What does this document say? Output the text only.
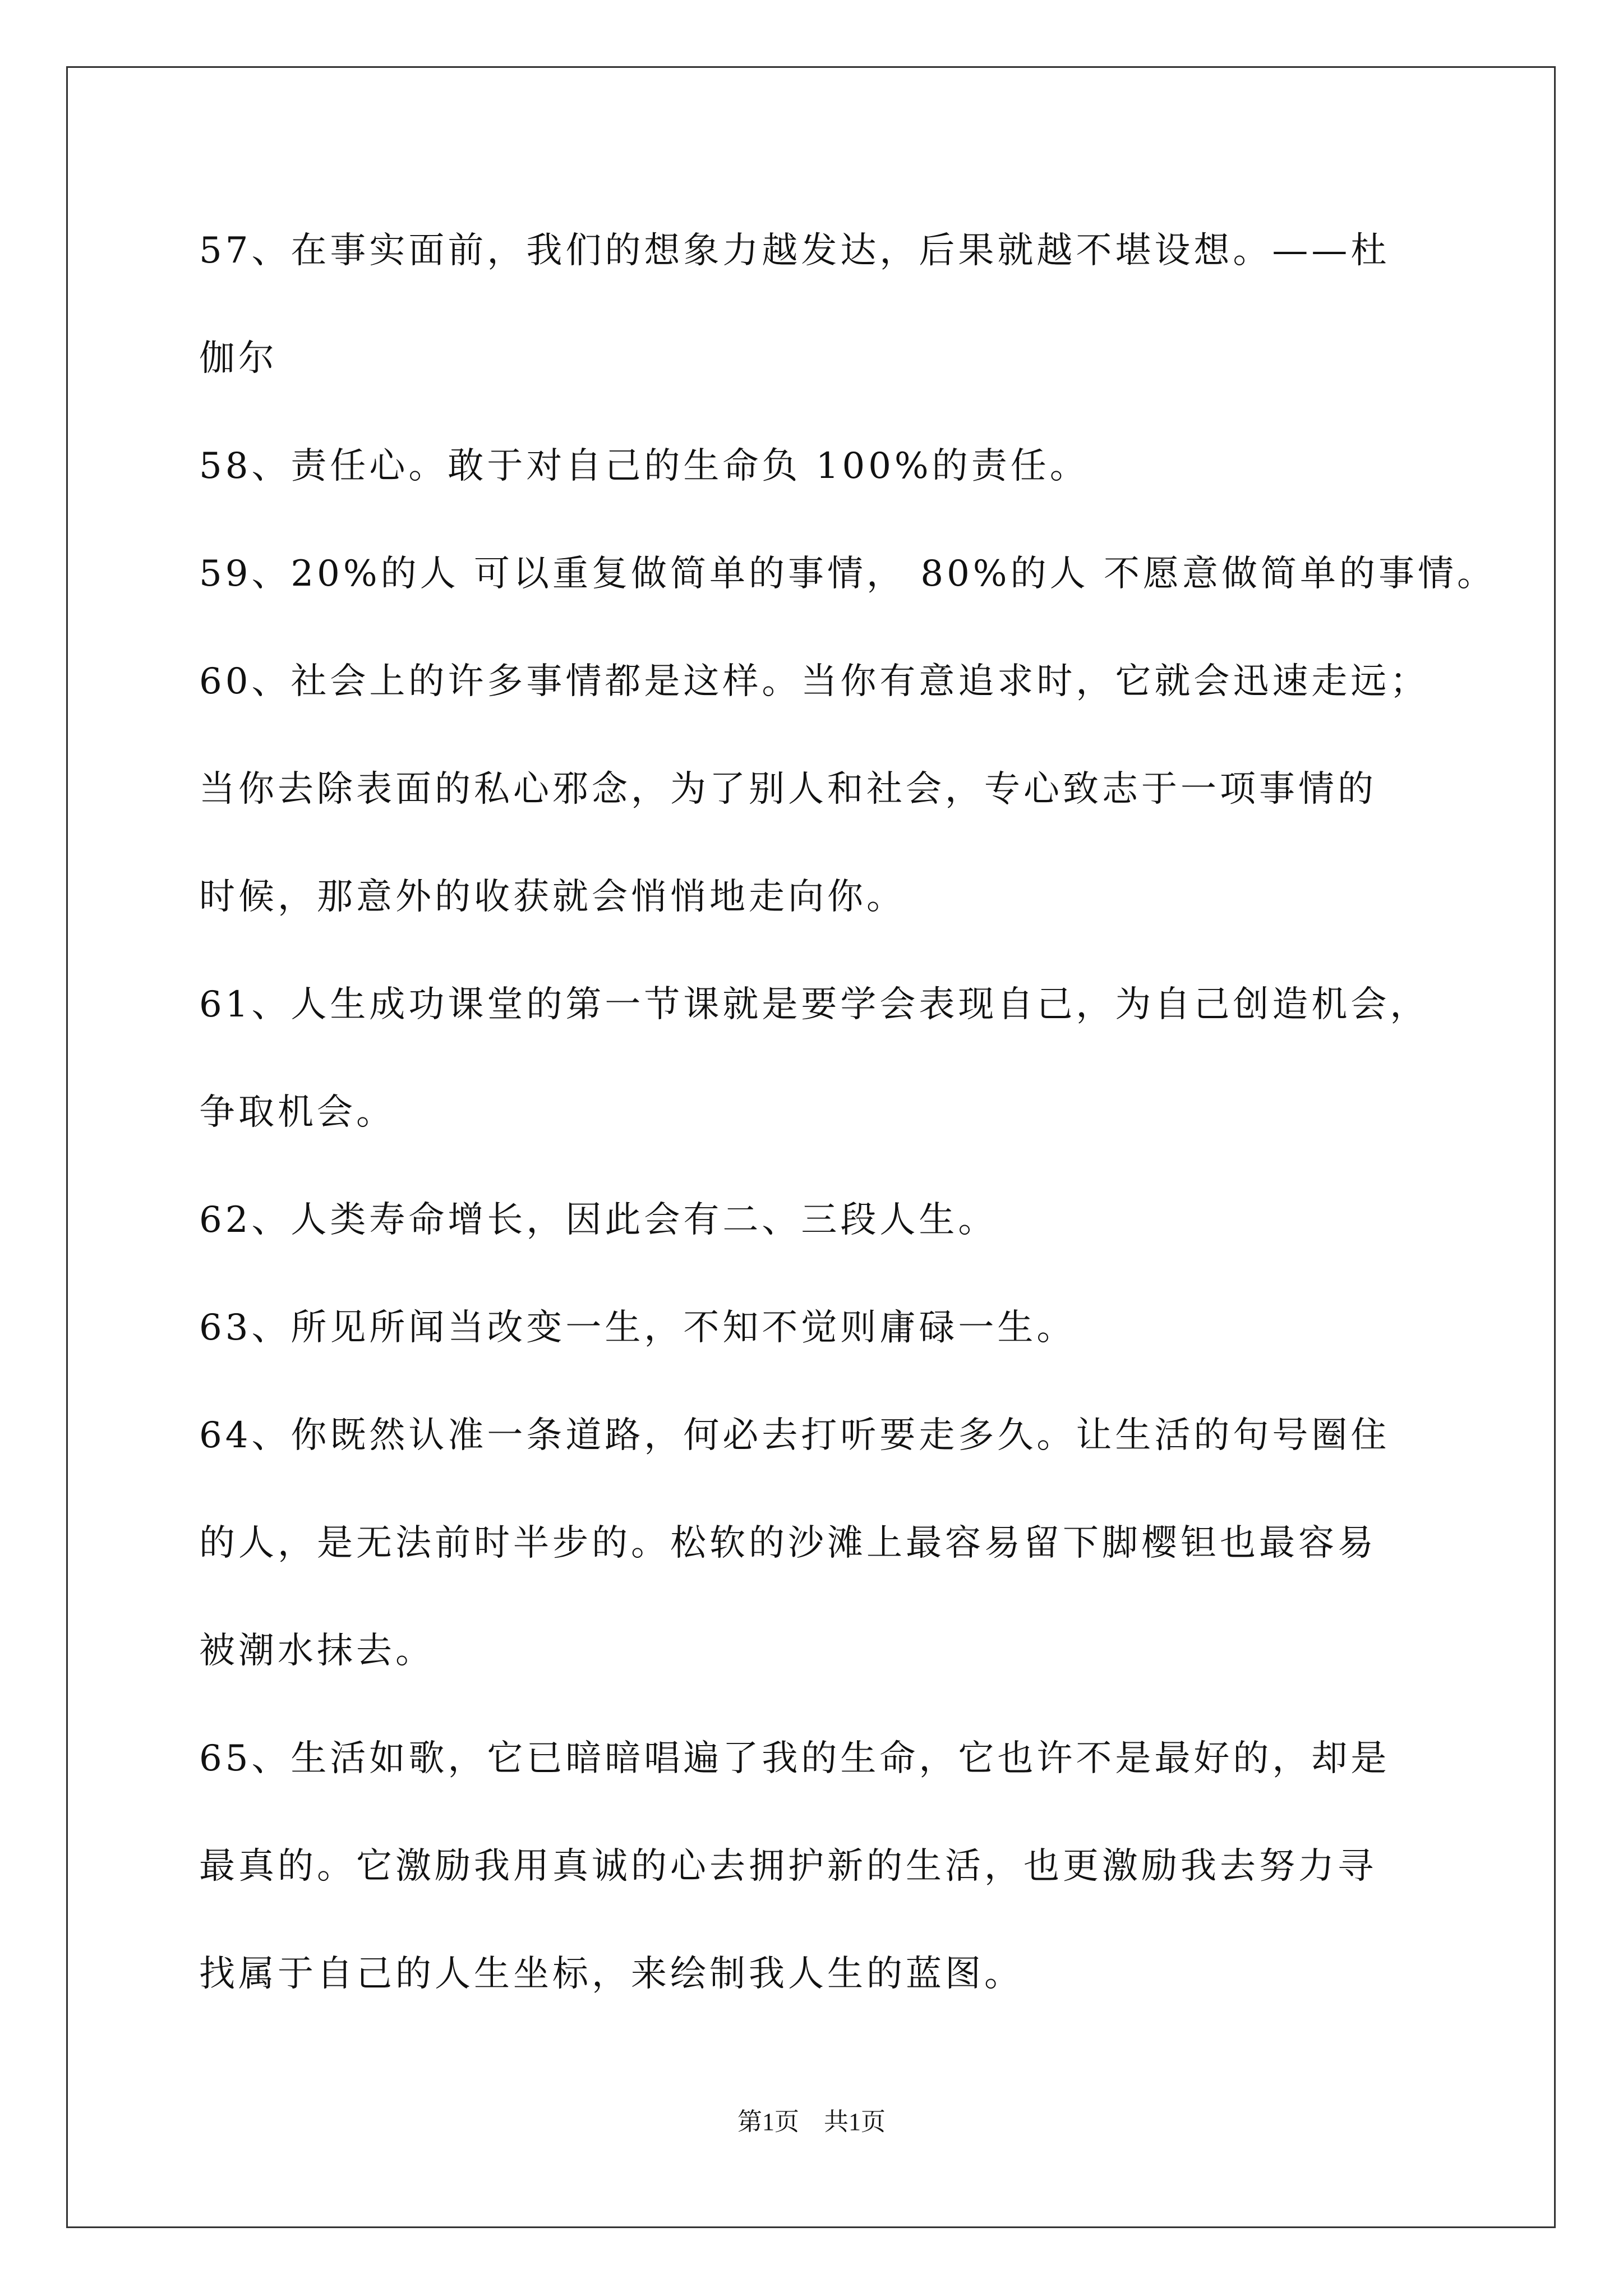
57、在事实面前，我们的想象力越发达，后果就越不堪设想。——杜
伽尔
58、责任心。敢于对自己的生命负 100%的责任。
59、20%的人 可以重复做简单的事情， 80%的人 不愿意做简单的事情。
60、社会上的许多事情都是这样。当你有意追求时，它就会迅速走远；
当你去除表面的私心邪念，为了别人和社会，专心致志于一项事情的
时候，那意外的收获就会悄悄地走向你。
61、人生成功课堂的第一节课就是要学会表现自己，为自己创造机会，
争取机会。
62、人类寿命增长，因此会有二、三段人生。
63、所见所闻当改变一生，不知不觉则庸碌一生。
64、你既然认准一条道路，何必去打听要走多久。让生活的句号圈住
的人，是无法前时半步的。松软的沙滩上最容易留下脚樱钽也最容易
被潮水抹去。
65、生活如歌，它已暗暗唱遍了我的生命，它也许不是最好的，却是
最真的。它激励我用真诚的心去拥护新的生活，也更激励我去努力寻
找属于自己的人生坐标，来绘制我人生的蓝图。
第1页　共1页
